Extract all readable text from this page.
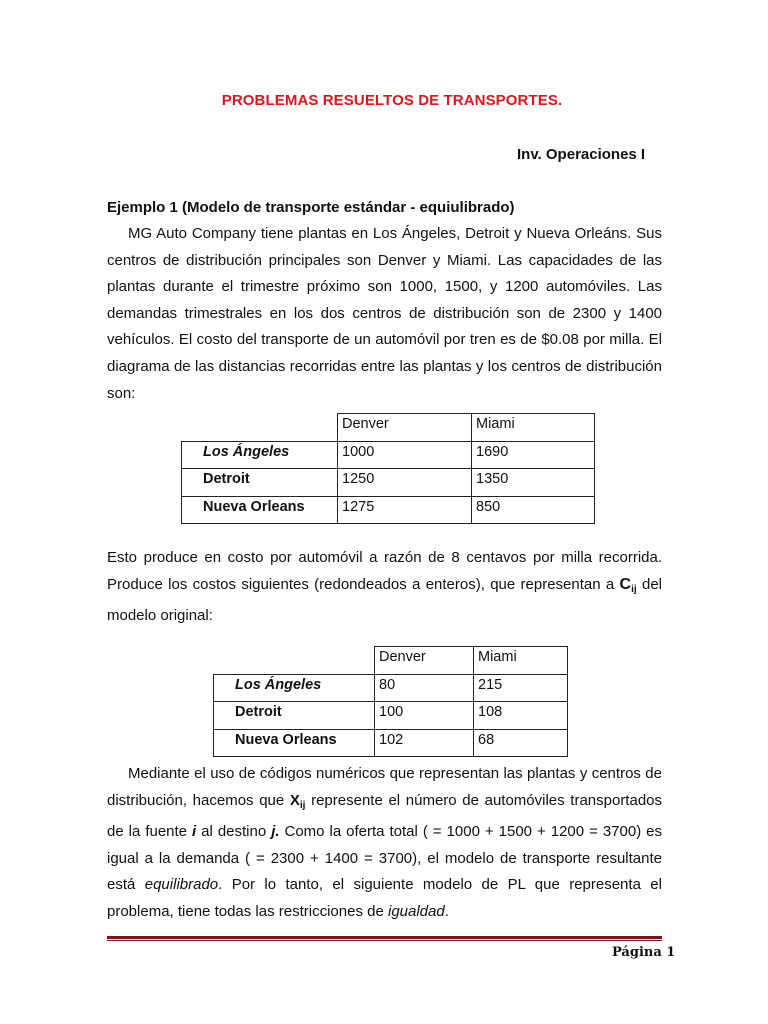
PROBLEMAS RESUELTOS DE TRANSPORTES.
Inv. Operaciones I
Ejemplo 1 (Modelo de transporte estándar - equiulibrado)
MG Auto Company tiene plantas en Los Ángeles, Detroit y Nueva Orleáns. Sus centros de distribución principales son Denver y Miami. Las capacidades de las plantas durante el trimestre próximo son 1000, 1500, y 1200 automóviles. Las demandas trimestrales en los dos centros de distribución son de 2300 y 1400 vehículos. El costo del transporte de un automóvil por tren es de $0.08 por milla. El diagrama de las distancias recorridas entre las plantas y los centros de distribución son:
	Denver	Miami
Los Ángeles	1000	1690
Detroit	1250	1350
Nueva Orleans	1275	850
Esto produce en costo por automóvil a razón de 8 centavos por milla recorrida. Produce los costos siguientes (redondeados a enteros), que representan a $C_{ij}$ del modelo original:
	Denver	Miami
Los Ángeles	80	215
Detroit	100	108
Nueva Orleans	102	68
Mediante el uso de códigos numéricos que representan las plantas y centros de distribución, hacemos que $X_{ij}$ represente el número de automóviles transportados de la fuente i al destino j. Como la oferta total ( = 1000 + 1500 + 1200 = 3700) es igual a la demanda ( = 2300 + 1400 = 3700), el modelo de transporte resultante está equilibrado. Por lo tanto, el siguiente modelo de PL que representa el problema, tiene todas las restricciones de igualdad.
Página 1
